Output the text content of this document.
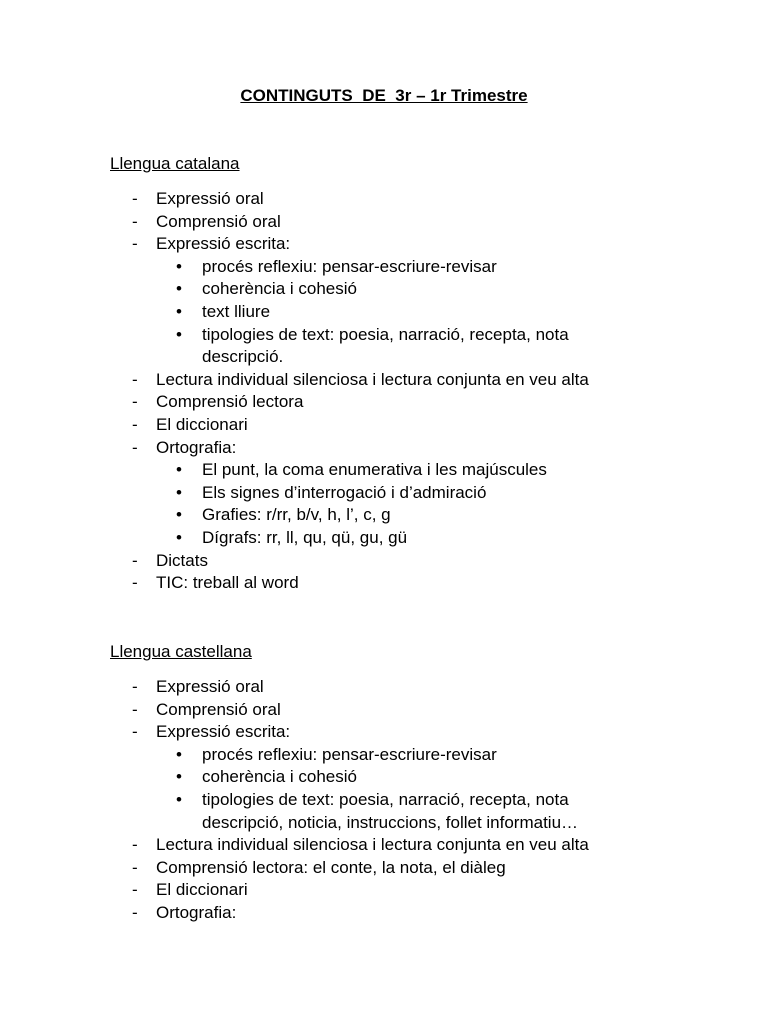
CONTINGUTS  DE  3r – 1r Trimestre
Llengua catalana
- Expressió oral
- Comprensió oral
- Expressió escrita:
• procés reflexiu: pensar-escriure-revisar
• coherència i cohesió
• text lliure
• tipologies de text: poesia, narració, recepta, nota
descripció.
- Lectura individual silenciosa i lectura conjunta en veu alta
- Comprensió lectora
- El diccionari
- Ortografia:
• El punt, la coma enumerativa i les majúscules
• Els signes d’interrogació i d’admiració
• Grafies: r/rr, b/v, h, l’, c, g
• Dígrafs: rr, ll, qu, qü, gu, gü
- Dictats
- TIC: treball al word
Llengua castellana
- Expressió oral
- Comprensió oral
- Expressió escrita:
• procés reflexiu: pensar-escriure-revisar
• coherència i cohesió
• tipologies de text: poesia, narració, recepta, nota
descripció, noticia, instruccions, follet informatiu…
- Lectura individual silenciosa i lectura conjunta en veu alta
- Comprensió lectora: el conte, la nota, el diàleg
- El diccionari
- Ortografia:
